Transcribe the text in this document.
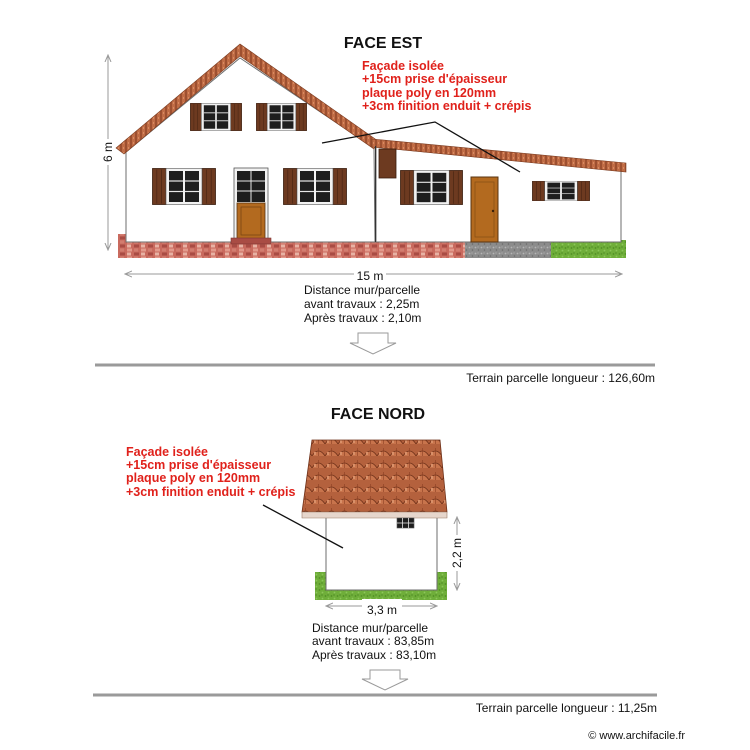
FACE EST
Façade isolée
+15cm prise d'épaisseur
plaque poly en 120mm
+3cm finition enduit + crépis
6 m
15 m
Distance mur/parcelle
avant travaux : 2,25m
Après travaux : 2,10m
Terrain parcelle longueur : 126,60m
FACE NORD
Façade isolée
+15cm prise d'épaisseur
plaque poly en 120mm
+3cm finition enduit + crépis
2,2 m
3,3 m
Distance mur/parcelle
avant travaux : 83,85m
Après travaux : 83,10m
Terrain parcelle longueur : 11,25m
© www.archifacile.fr
